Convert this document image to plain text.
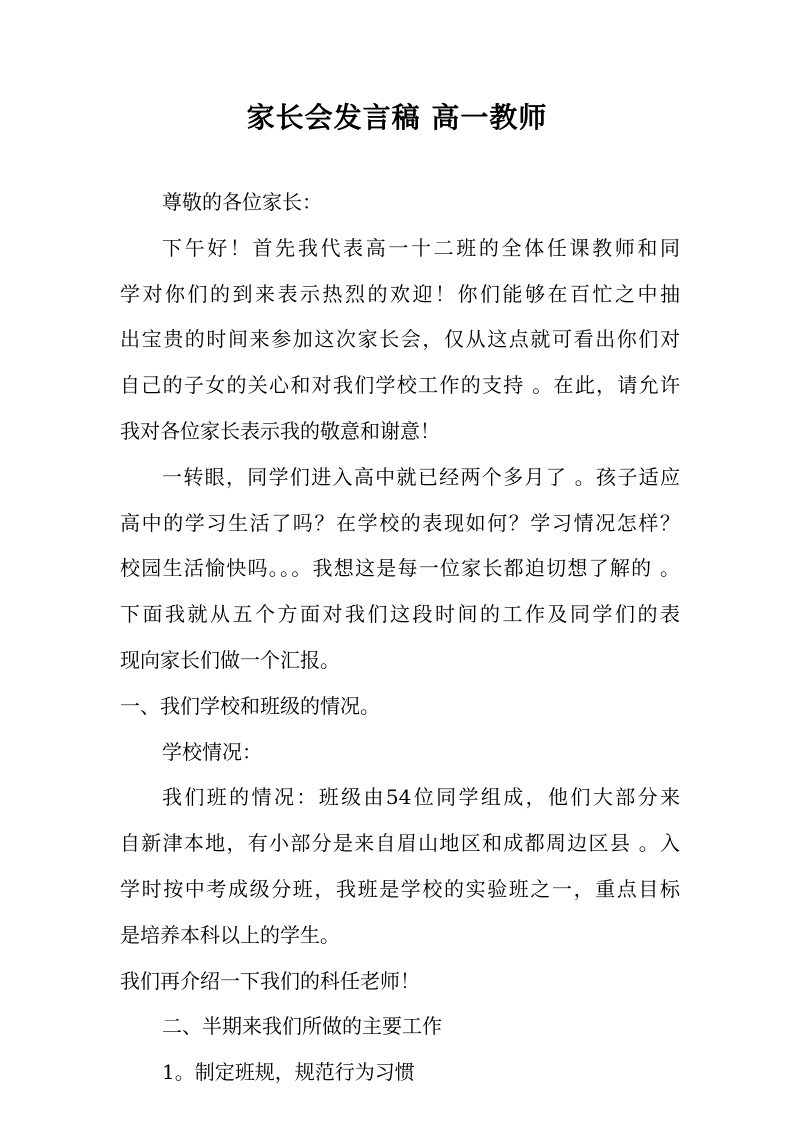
家长会发言稿 高一教师
尊敬的各位家长：
下午好！首先我代表高一十二班的全体任课教师和同
学对你们的到来表示热烈的欢迎！你们能够在百忙之中抽
出宝贵的时间来参加这次家长会，仅从这点就可看出你们对
自己的子女的关心和对我们学校工作的支持 。在此，请允许
我对各位家长表示我的敬意和谢意！
一转眼，同学们进入高中就已经两个多月了 。孩子适应
高中的学习生活了吗？在学校的表现如何？学习情况怎样？
校园生活愉快吗。。。我想这是每一位家长都迫切想了解的 。
下面我就从五个方面对我们这段时间的工作及同学们的表
现向家长们做一个汇报。
一、我们学校和班级的情况。
学校情况：
我们班的情况：班级由54位同学组成，他们大部分来
自新津本地，有小部分是来自眉山地区和成都周边区县 。入
学时按中考成级分班，我班是学校的实验班之一，重点目标
是培养本科以上的学生。
我们再介绍一下我们的科任老师！
二、半期来我们所做的主要工作
1。制定班规，规范行为习惯
